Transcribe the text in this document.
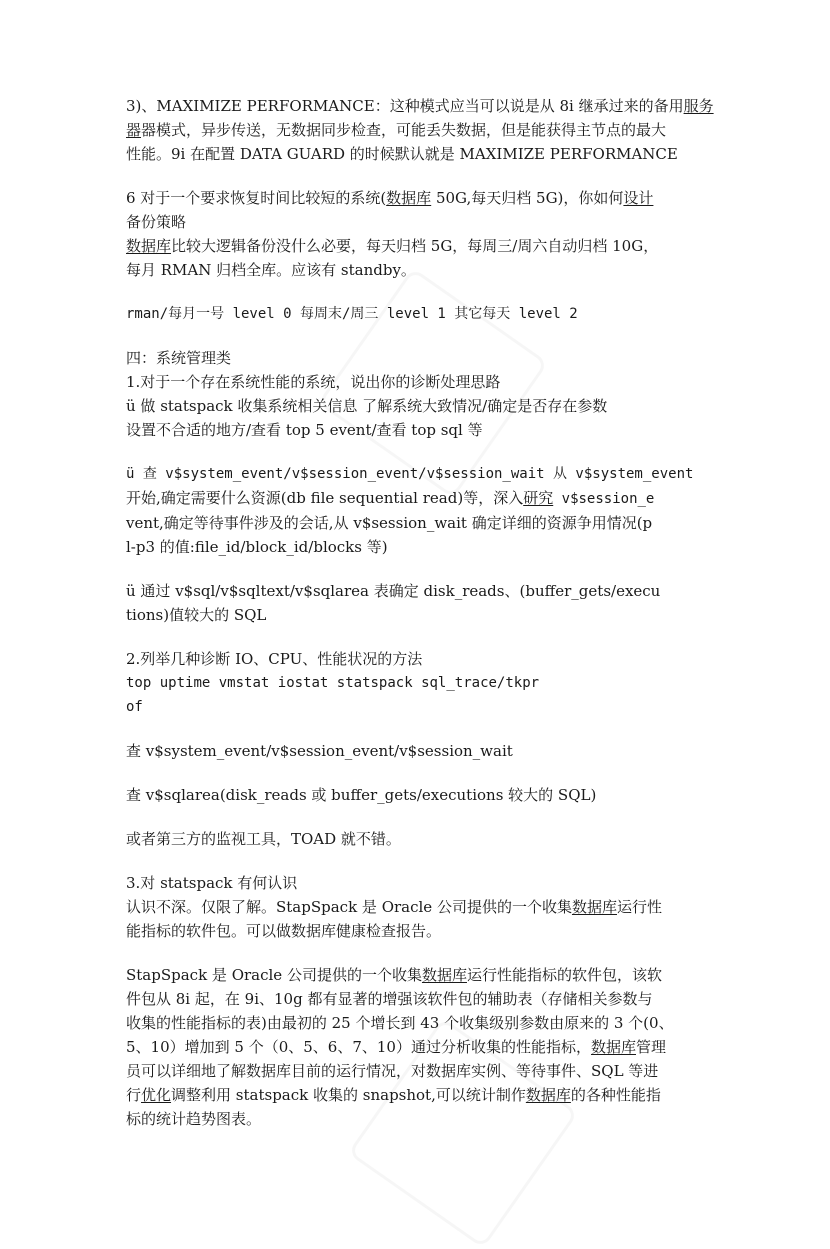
3)、MAXIMIZE PERFORMANCE：这种模式应当可以说是从 8i 继承过来的备用服务
器器模式，异步传送，无数据同步检查，可能丢失数据，但是能获得主节点的最大
性能。9i 在配置 DATA GUARD 的时候默认就是 MAXIMIZE PERFORMANCE
6 对于一个要求恢复时间比较短的系统(数据库 50G,每天归档 5G)，你如何设计
备份策略
数据库比较大逻辑备份没什么必要，每天归档 5G，每周三/周六自动归档 10G，
每月 RMAN 归档全库。应该有 standby。
rman/每月一号 level 0 每周末/周三 level 1 其它每天 level 2
四：系统管理类
1.对于一个存在系统性能的系统，说出你的诊断处理思路
ü 做 statspack 收集系统相关信息 了解系统大致情况/确定是否存在参数
设置不合适的地方/查看 top 5 event/查看 top sql 等
ü 查 v$system_event/v$session_event/v$session_wait 从 v$system_event
开始,确定需要什么资源(db file sequential read)等，深入研究 v$session_e
vent,确定等待事件涉及的会话,从 v$session_wait 确定详细的资源争用情况(p
l-p3 的值:file_id/block_id/blocks 等)
ü 通过 v$sql/v$sqltext/v$sqlarea 表确定 disk_reads、(buffer_gets/execu
tions)值较大的 SQL
2.列举几种诊断 IO、CPU、性能状况的方法
top uptime vmstat iostat statspack sql_trace/tkpr
of
查 v$system_event/v$session_event/v$session_wait
查 v$sqlarea(disk_reads 或 buffer_gets/executions 较大的 SQL)
或者第三方的监视工具，TOAD 就不错。
3.对 statspack 有何认识
认识不深。仅限了解。StapSpack 是 Oracle 公司提供的一个收集数据库运行性
能指标的软件包。可以做数据库健康检查报告。
StapSpack 是 Oracle 公司提供的一个收集数据库运行性能指标的软件包，该软
件包从 8i 起，在 9i、10g 都有显著的增强该软件包的辅助表（存储相关参数与
收集的性能指标的表)由最初的 25 个增长到 43 个收集级别参数由原来的 3 个(0、
5、10）增加到 5 个（0、5、6、7、10）通过分析收集的性能指标，数据库管理
员可以详细地了解数据库目前的运行情况，对数据库实例、等待事件、SQL 等进
行优化调整利用 statspack 收集的 snapshot,可以统计制作数据库的各种性能指
标的统计趋势图表。
